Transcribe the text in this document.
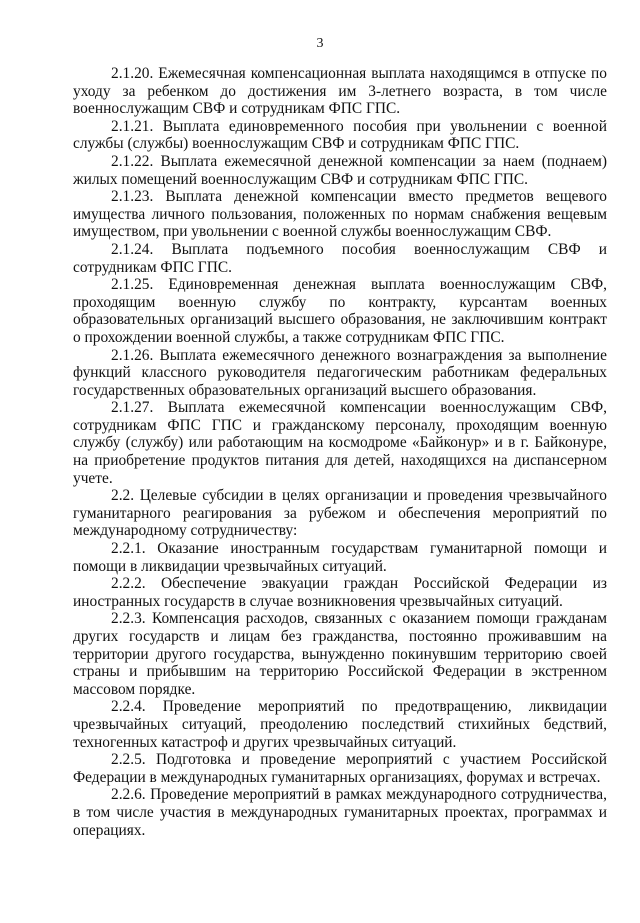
3

2.1.20. Ежемесячная компенсационная выплата находящимся в отпуске по уходу за ребенком до достижения им 3-летнего возраста, в том числе военнослужащим СВФ и сотрудникам ФПС ГПС.

2.1.21. Выплата единовременного пособия при увольнении с военной службы (службы) военнослужащим СВФ и сотрудникам ФПС ГПС.

2.1.22. Выплата ежемесячной денежной компенсации за наем (поднаем) жилых помещений военнослужащим СВФ и сотрудникам ФПС ГПС.

2.1.23. Выплата денежной компенсации вместо предметов вещевого имущества личного пользования, положенных по нормам снабжения вещевым имуществом, при увольнении с военной службы военнослужащим СВФ.

2.1.24. Выплата подъемного пособия военнослужащим СВФ и сотрудникам ФПС ГПС.

2.1.25. Единовременная денежная выплата военнослужащим СВФ, проходящим военную службу по контракту, курсантам военных образовательных организаций высшего образования, не заключившим контракт о прохождении военной службы, а также сотрудникам ФПС ГПС.

2.1.26. Выплата ежемесячного денежного вознаграждения за выполнение функций классного руководителя педагогическим работникам федеральных государственных образовательных организаций высшего образования.

2.1.27. Выплата ежемесячной компенсации военнослужащим СВФ, сотрудникам ФПС ГПС и гражданскому персоналу, проходящим военную службу (службу) или работающим на космодроме «Байконур» и в г. Байконуре, на приобретение продуктов питания для детей, находящихся на диспансерном учете.

2.2. Целевые субсидии в целях организации и проведения чрезвычайного гуманитарного реагирования за рубежом и обеспечения мероприятий по международному сотрудничеству:

2.2.1. Оказание иностранным государствам гуманитарной помощи и помощи в ликвидации чрезвычайных ситуаций.

2.2.2. Обеспечение эвакуации граждан Российской Федерации из иностранных государств в случае возникновения чрезвычайных ситуаций.

2.2.3. Компенсация расходов, связанных с оказанием помощи гражданам других государств и лицам без гражданства, постоянно проживавшим на территории другого государства, вынужденно покинувшим территорию своей страны и прибывшим на территорию Российской Федерации в экстренном массовом порядке.

2.2.4. Проведение мероприятий по предотвращению, ликвидации чрезвычайных ситуаций, преодолению последствий стихийных бедствий, техногенных катастроф и других чрезвычайных ситуаций.

2.2.5. Подготовка и проведение мероприятий с участием Российской Федерации в международных гуманитарных организациях, форумах и встречах.

2.2.6. Проведение мероприятий в рамках международного сотрудничества, в том числе участия в международных гуманитарных проектах, программах и операциях.
